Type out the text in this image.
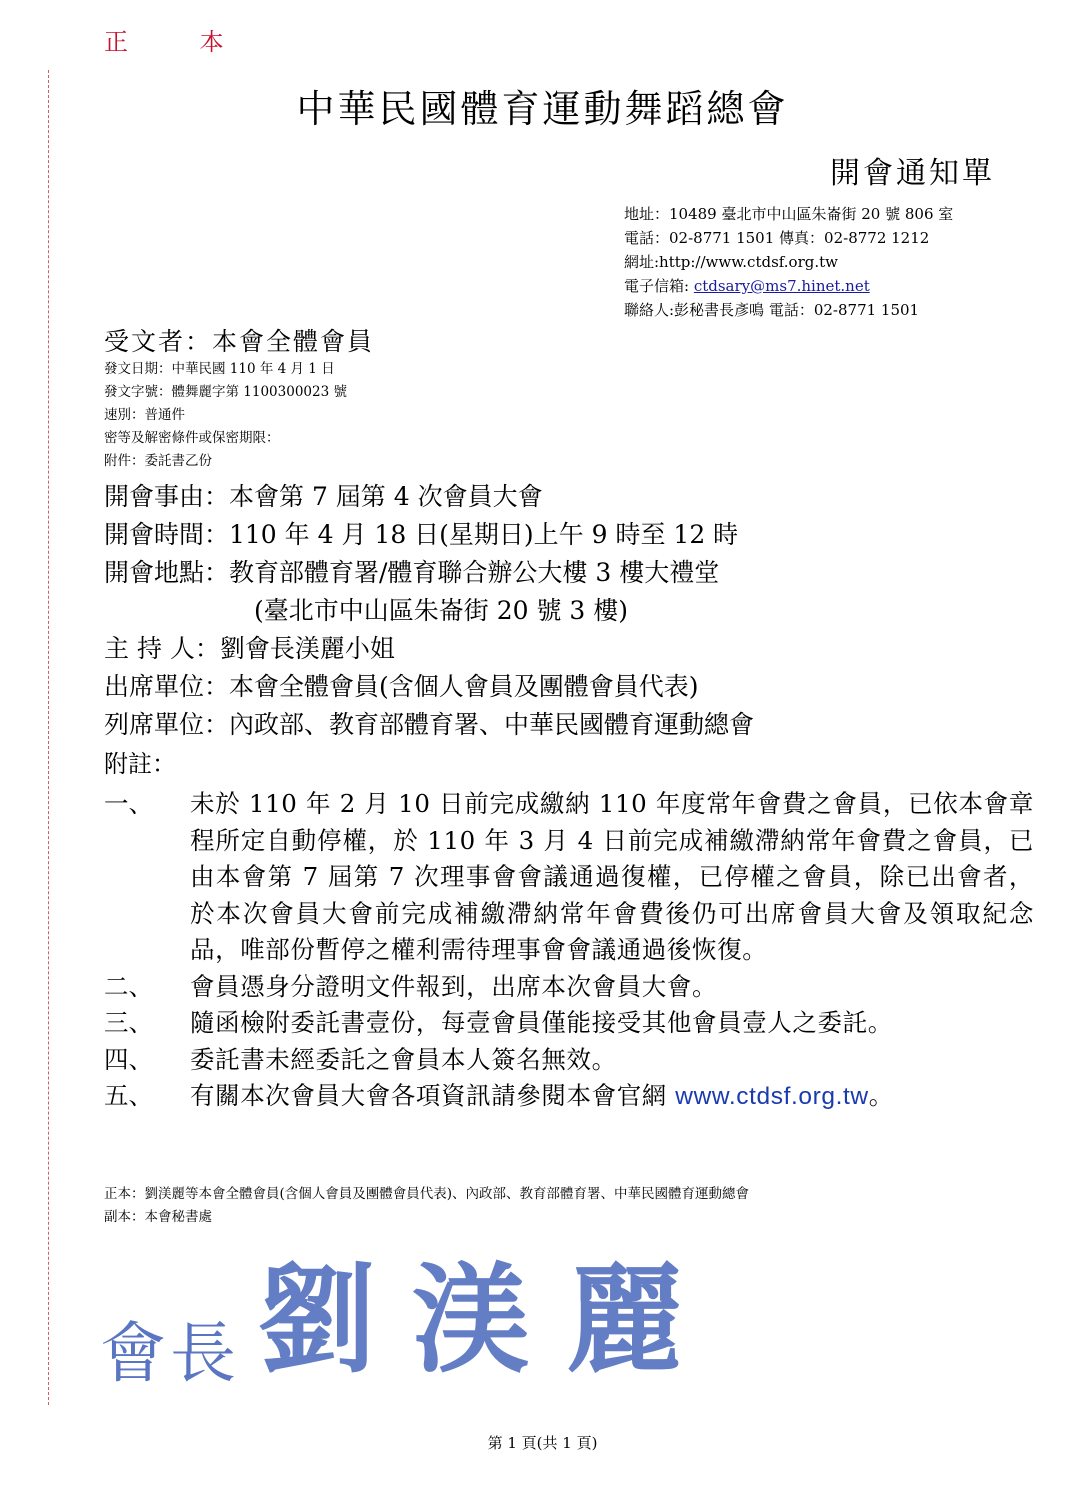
正 本
中華民國體育運動舞蹈總會
開會通知單
地址：10489 臺北市中山區朱崙街 20 號 806 室
電話：02-8771 1501 傳真：02-8772 1212
網址:http://www.ctdsf.org.tw
電子信箱: ctdsary@ms7.hinet.net
聯絡人:彭秘書長彥鳴 電話：02-8771 1501
受文者：本會全體會員
發文日期：中華民國 110 年 4 月 1 日
發文字號：體舞麗字第 1100300023 號
速別：普通件
密等及解密條件或保密期限：
附件：委託書乙份
開會事由：本會第 7 屆第 4 次會員大會
開會時間：110 年 4 月 18 日(星期日)上午 9 時至 12 時
開會地點：教育部體育署/體育聯合辦公大樓 3 樓大禮堂
(臺北市中山區朱崙街 20 號 3 樓)
主 持 人：劉會長渼麗小姐
出席單位：本會全體會員(含個人會員及團體會員代表)
列席單位：內政部、教育部體育署、中華民國體育運動總會
附註：
一、	未於 110 年 2 月 10 日前完成繳納 110 年度常年會費之會員，已依本會章程所定自動停權，於 110 年 3 月 4 日前完成補繳滯納常年會費之會員，已由本會第 7 屆第 7 次理事會會議通過復權，已停權之會員，除已出會者，於本次會員大會前完成補繳滯納常年會費後仍可出席會員大會及領取紀念品，唯部份暫停之權利需待理事會會議通過後恢復。
二、	會員憑身分證明文件報到，出席本次會員大會。
三、	隨函檢附委託書壹份，每壹會員僅能接受其他會員壹人之委託。
四、	委託書未經委託之會員本人簽名無效。
五、	有關本次會員大會各項資訊請參閱本會官網 www.ctdsf.org.tw。
正本：劉渼麗等本會全體會員(含個人會員及團體會員代表)、內政部、教育部體育署、中華民國體育運動總會
副本：本會秘書處
會長 劉渼麗
第 1 頁(共 1 頁)
